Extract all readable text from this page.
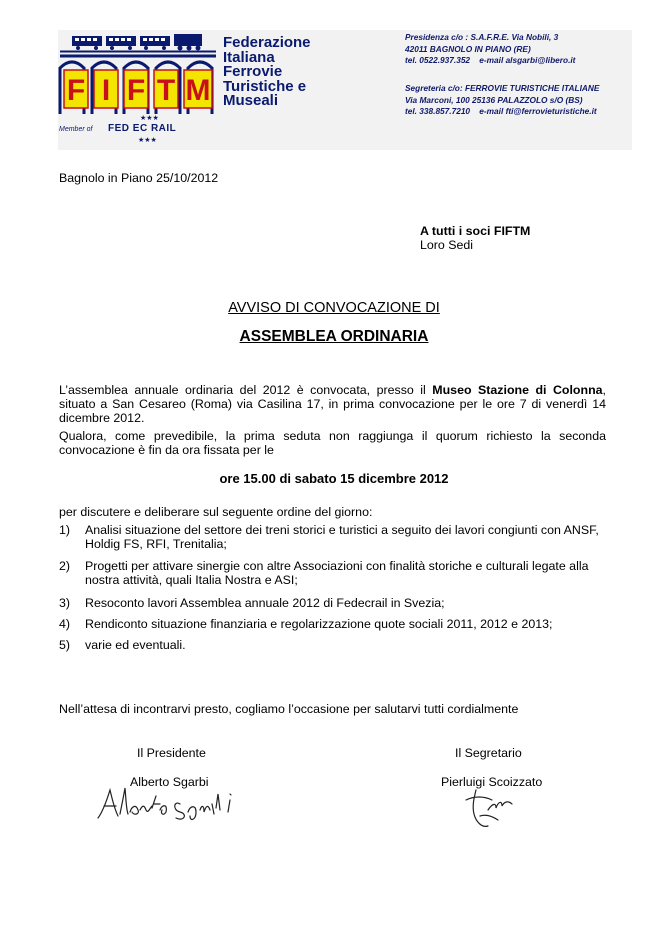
F I F T M
★★★
★★★
Federazione
Italiana
Ferrovie
Turistiche e
Museali
Member of FED EC RAIL
Presidenza c/o : S.A.F.R.E. Via Nobili, 3
42011 BAGNOLO IN PIANO (RE)
tel. 0522.937.352 e-mail alsgarbi@libero.it
Segreteria c/o: FERROVIE TURISTICHE ITALIANE
Via Marconi, 100 25136 PALAZZOLO s/O (BS)
tel. 338.857.7210 e-mail fti@ferrovieturistiche.it
Bagnolo in Piano 25/10/2012
A tutti i soci FIFTM
Loro Sedi
AVVISO DI CONVOCAZIONE DI
ASSEMBLEA ORDINARIA
L’assemblea annuale ordinaria del 2012 è convocata, presso il Museo Stazione di Colonna, situato a San Cesareo (Roma) via Casilina 17, in prima convocazione per le ore 7 di venerdì 14 dicembre 2012.
Qualora, come prevedibile, la prima seduta non raggiunga il quorum richiesto la seconda convocazione è fin da ora fissata per le
ore 15.00 di sabato 15 dicembre 2012
per discutere e deliberare sul seguente ordine del giorno:
1)	Analisi situazione del settore dei treni storici e turistici a seguito dei lavori congiunti con ANSF,
Holdig FS, RFI, Trenitalia;
2)	Progetti per attivare sinergie con altre Associazioni con finalità storiche e culturali legate alla
nostra attività, quali Italia Nostra e ASI;
3)	Resoconto lavori Assemblea annuale 2012 di Fedecrail in Svezia;
4)	Rendiconto situazione finanziaria e regolarizzazione quote sociali 2011, 2012 e 2013;
5)	varie ed eventuali.
Nell’attesa di incontrarvi presto, cogliamo l’occasione per salutarvi tutti cordialmente
Il Presidente
Alberto Sgarbi
Il Segretario
Pierluigi Scoizzato
